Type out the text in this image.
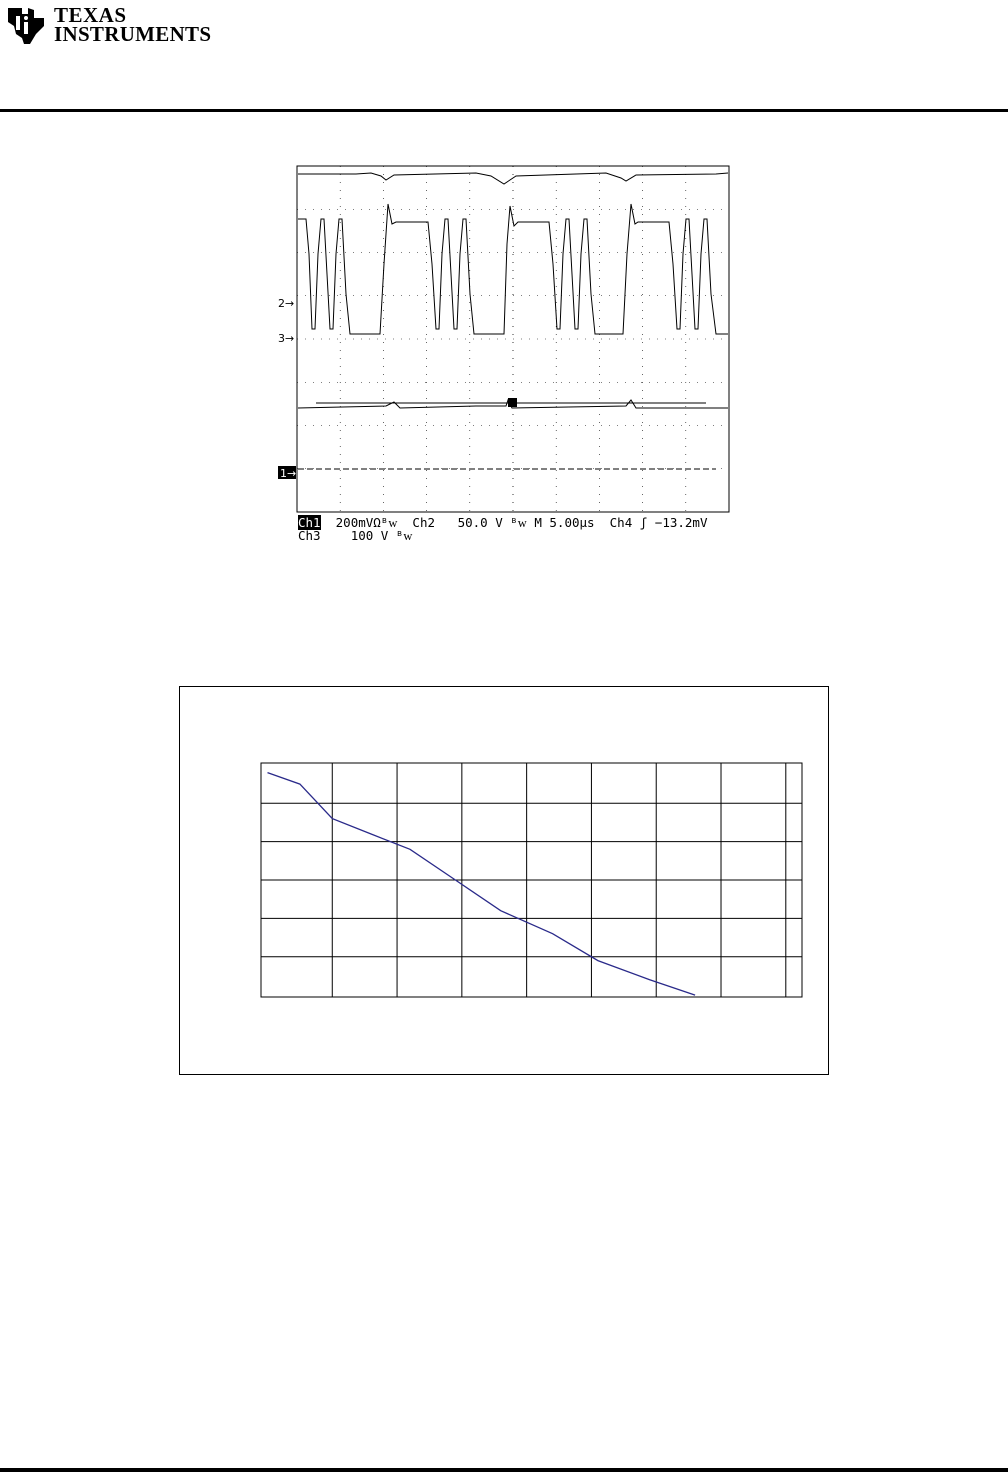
TEXAS
INSTRUMENTS
2→
3→
1→
Ch1 200mVΩᴮᴡ Ch2 50.0 V ᴮᴡ M 5.00µs Ch4 ʃ −13.2mV
Ch3 100 V ᴮᴡ
